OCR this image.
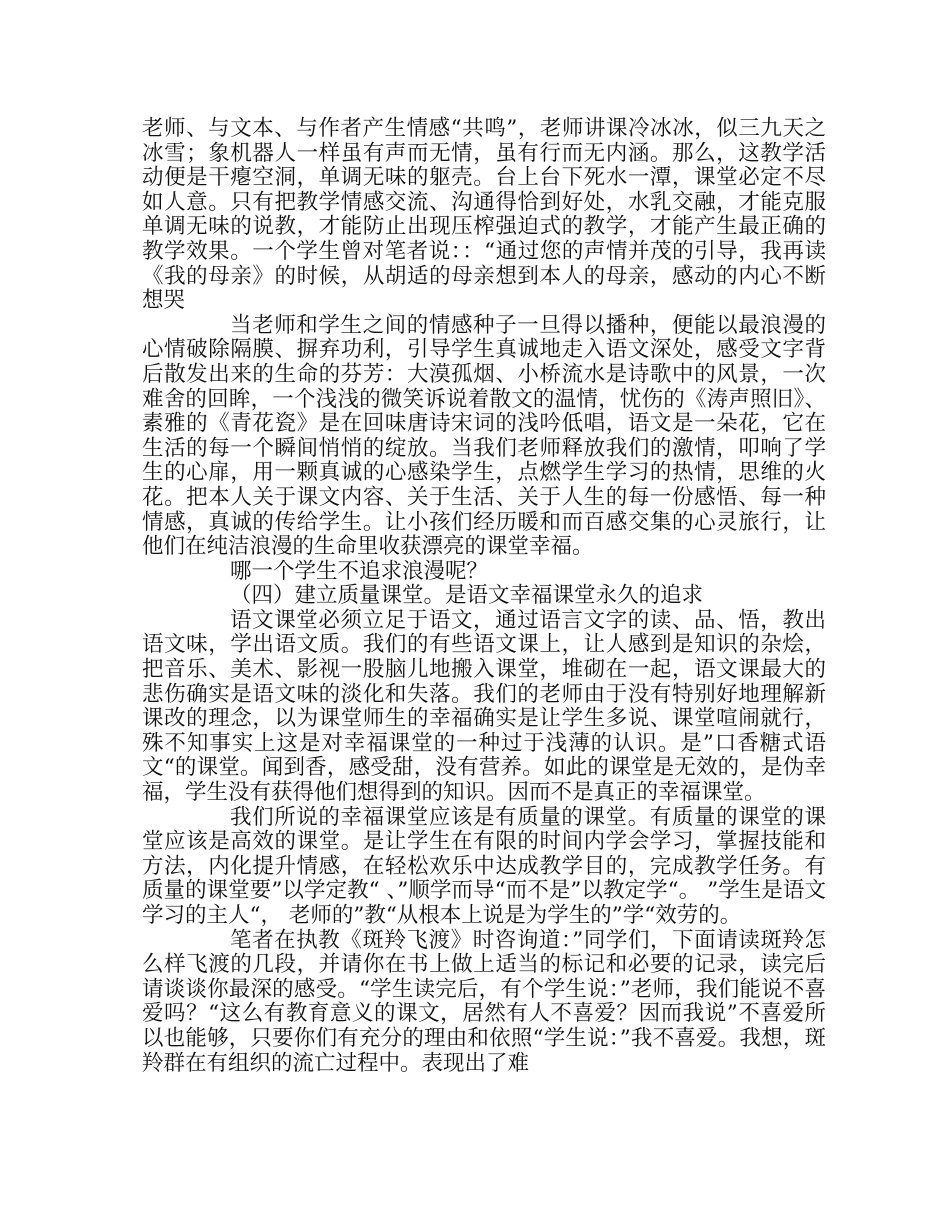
老师、与文本、与作者产生情感“共鸣”，老师讲课冷冰冰，似三九天之冰雪；象机器人一样虽有声而无情，虽有行而无内涵。那么，这教学活动便是干瘪空洞，单调无味的躯壳。台上台下死水一潭，课堂必定不尽如人意。只有把教学情感交流、沟通得恰到好处，水乳交融，才能克服单调无味的说教，才能防止出现压榨强迫式的教学，才能产生最正确的教学效果。一个学生曾对笔者说：：“通过您的声情并茂的引导，我再读《我的母亲》的时候，从胡适的母亲想到本人的母亲，感动的内心不断想哭

当老师和学生之间的情感种子一旦得以播种，便能以最浪漫的心情破除隔膜、摒弃功利，引导学生真诚地走入语文深处，感受文字背后散发出来的生命的芬芳：大漠孤烟、小桥流水是诗歌中的风景，一次难舍的回眸，一个浅浅的微笑诉说着散文的温情，忧伤的《涛声照旧》、素雅的《青花瓷》是在回味唐诗宋词的浅吟低唱，语文是一朵花，它在生活的每一个瞬间悄悄的绽放。当我们老师释放我们的激情，叩响了学生的心扉，用一颗真诚的心感染学生，点燃学生学习的热情，思维的火花。把本人关于课文内容、关于生活、关于人生的每一份感悟、每一种情感，真诚的传给学生。让小孩们经历暖和而百感交集的心灵旅行，让他们在纯洁浪漫的生命里收获漂亮的课堂幸福。

哪一个学生不追求浪漫呢？

（四）建立质量课堂。是语文幸福课堂永久的追求

语文课堂必须立足于语文，通过语言文字的读、品、悟，教出语文味，学出语文质。我们的有些语文课上，让人感到是知识的杂烩，把音乐、美术、影视一股脑儿地搬入课堂，堆砌在一起，语文课最大的悲伤确实是语文味的淡化和失落。我们的老师由于没有特别好地理解新课改的理念，以为课堂师生的幸福确实是让学生多说、课堂喧闹就行，殊不知事实上这是对幸福课堂的一种过于浅薄的认识。是”口香糖式语文“的课堂。闻到香，感受甜，没有营养。如此的课堂是无效的，是伪幸福，学生没有获得他们想得到的知识。因而不是真正的幸福课堂。

我们所说的幸福课堂应该是有质量的课堂。有质量的课堂的课堂应该是高效的课堂。是让学生在有限的时间内学会学习，掌握技能和方法，内化提升情感，在轻松欢乐中达成教学目的，完成教学任务。有质量的课堂要”以学定教“ 、”顺学而导“而不是”以教定学“。 ”学生是语文学习的主人“， 老师的”教“从根本上说是为学生的”学“效劳的。

笔者在执教《斑羚飞渡》时咨询道：”同学们，下面请读斑羚怎么样飞渡的几段，并请你在书上做上适当的标记和必要的记录，读完后请谈谈你最深的感受。“学生读完后，有个学生说：”老师，我们能说不喜爱吗？“这么有教育意义的课文，居然有人不喜爱？因而我说”不喜爱所以也能够，只要你们有充分的理由和依照“学生说：”我不喜爱。我想，斑羚群在有组织的流亡过程中。表现出了难
